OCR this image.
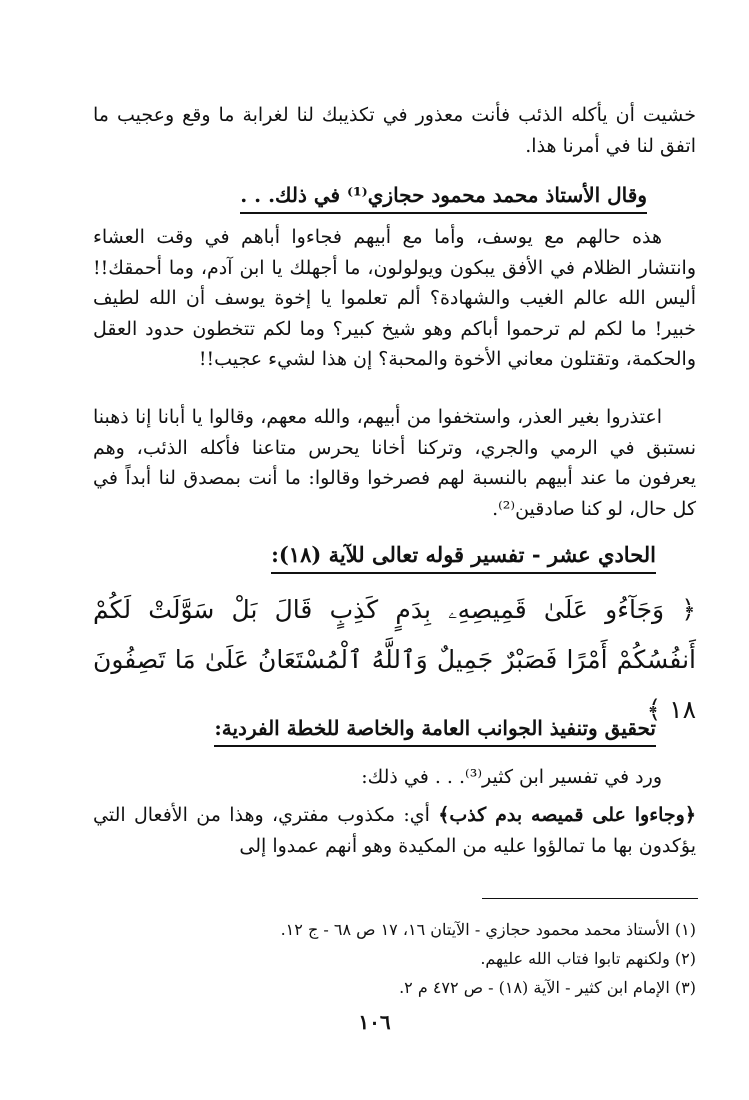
خشيت أن يأكله الذئب فأنت معذور في تكذيبك لنا لغرابة ما وقع وعجيب ما اتفق لنا في أمرنا هذا.

وقال الأستاذ محمد محمود حجازي⁽¹⁾ في ذلك. . .

هذه حالهم مع يوسف، وأما مع أبيهم فجاءوا أباهم في وقت العشاء وانتشار الظلام في الأفق يبكون ويولولون، ما أجهلك يا ابن آدم، وما أحمقك!! أليس الله عالم الغيب والشهادة؟ ألم تعلموا يا إخوة يوسف أن الله لطيف خبير! ما لكم لم ترحموا أباكم وهو شيخ كبير؟ وما لكم تتخطون حدود العقل والحكمة، وتقتلون معاني الأخوة والمحبة؟ إن هذا لشيء عجيب!!

اعتذروا بغير العذر، واستخفوا من أبيهم، والله معهم، وقالوا يا أبانا إنا ذهبنا نستبق في الرمي والجري، وتركنا أخانا يحرس متاعنا فأكله الذئب، وهم يعرفون ما عند أبيهم بالنسبة لهم فصرخوا وقالوا: ما أنت بمصدق لنا أبداً في كل حال، لو كنا صادقين⁽²⁾.

الحادي عشر - تفسير قوله تعالى للآية (١٨):
﴿ وَجَآءُو عَلَىٰ قَمِيصِهِۦ بِدَمٍ كَذِبٍ قَالَ بَلْ سَوَّلَتْ لَكُمْ أَنفُسُكُمْ أَمْرًا فَصَبْرٌ جَمِيلٌ وَٱللَّهُ ٱلْمُسْتَعَانُ عَلَىٰ مَا تَصِفُونَ ١٨ ﴾
تحقيق وتنفيذ الجوانب العامة والخاصة للخطة الفردية:

ورد في تفسير ابن كثير⁽³⁾. . . في ذلك:

﴿وجاءوا على قميصه بدم كذب﴾ أي: مكذوب مفتري، وهذا من الأفعال التي يؤكدون بها ما تمالؤوا عليه من المكيدة وهو أنهم عمدوا إلى

(١) الأستاذ محمد محمود حجازي - الآيتان ١٦، ١٧ ص ٦٨ - ج ١٢.
(٢) ولكنهم تابوا فتاب الله عليهم.
(٣) الإمام ابن كثير - الآية (١٨) - ص ٤٧٢ م ٢.
١٠٦
